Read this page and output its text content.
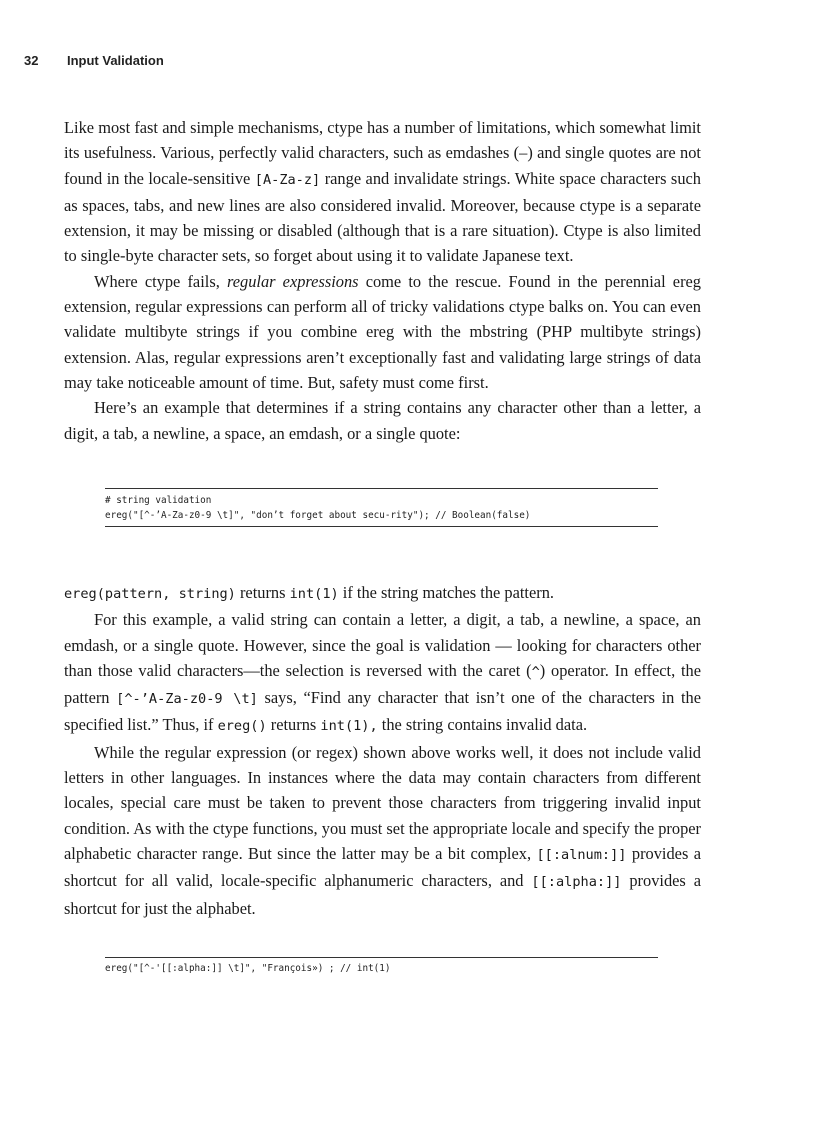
32 Input Validation

Like most fast and simple mechanisms, ctype has a number of limitations, which somewhat limit its usefulness. Various, perfectly valid characters, such as emdashes (–) and single quotes are not found in the locale-sensitive [A-Za-z] range and invalidate strings. White space characters such as spaces, tabs, and new lines are also considered invalid. Moreover, because ctype is a separate extension, it may be missing or disabled (although that is a rare situation). Ctype is also limited to single-byte character sets, so forget about using it to validate Japanese text.

Where ctype fails, regular expressions come to the rescue. Found in the perennial ereg extension, regular expressions can perform all of tricky validations ctype balks on. You can even validate multibyte strings if you combine ereg with the mbstring (PHP multibyte strings) extension. Alas, regular expressions aren’t exceptionally fast and validating large strings of data may take noticeable amount of time. But, safety must come first.

Here’s an example that determines if a string contains any character other than a letter, a digit, a tab, a newline, a space, an emdash, or a single quote:

# string validation
ereg("[^-’A-Za-z0-9 \t]", "don’t forget about secu-rity"); // Boolean(false)

ereg(pattern, string) returns int(1) if the string matches the pattern.

For this example, a valid string can contain a letter, a digit, a tab, a newline, a space, an emdash, or a single quote. However, since the goal is validation — looking for characters other than those valid characters—the selection is reversed with the caret (^) operator. In effect, the pattern [^-’A-Za-z0-9 \t] says, “Find any character that isn’t one of the characters in the specified list.” Thus, if ereg() returns int(1), the string contains invalid data.

While the regular expression (or regex) shown above works well, it does not include valid letters in other languages. In instances where the data may contain characters from different locales, special care must be taken to prevent those characters from triggering invalid input condition. As with the ctype functions, you must set the appropriate locale and specify the proper alphabetic character range. But since the latter may be a bit complex, [[:alnum:]] provides a shortcut for all valid, locale-specific alphanumeric characters, and [[:alpha:]] provides a shortcut for just the alphabet.

ereg("[^-'[[:alpha:]] \t]", "François») ; // int(1)
